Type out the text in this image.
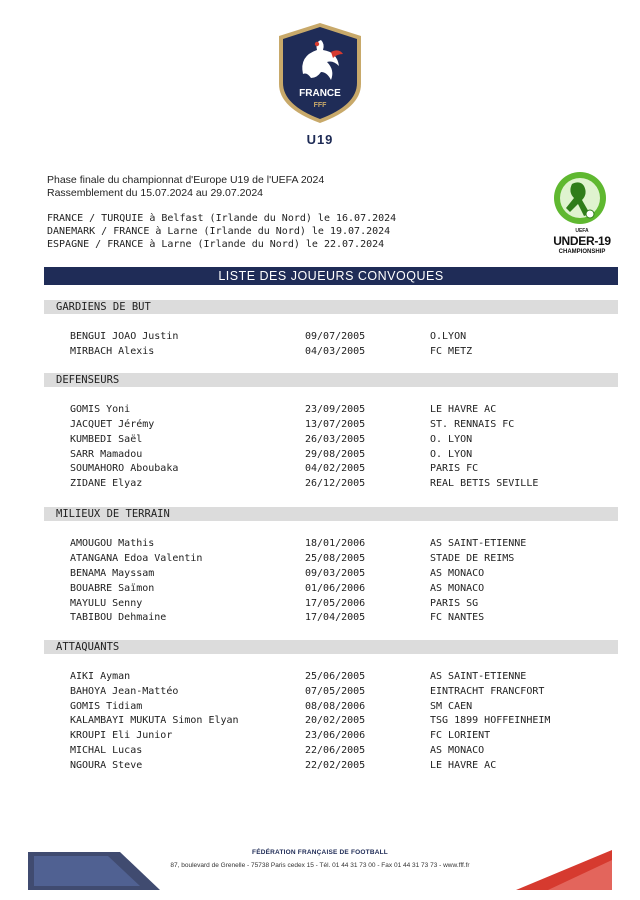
FRANCE
FFF
U19
Phase finale du championnat d'Europe U19 de l'UEFA 2024
Rassemblement du 15.07.2024 au 29.07.2024
FRANCE / TURQUIE à Belfast (Irlande du Nord) le 16.07.2024
DANEMARK / FRANCE à Larne (Irlande du Nord) le 19.07.2024
ESPAGNE / FRANCE à Larne (Irlande du Nord) le 22.07.2024
UEFA
UNDER-19
CHAMPIONSHIP
LISTE DES JOUEURS CONVOQUES
GARDIENS DE BUT
BENGUI JOAO Justin	09/07/2005	O.LYON
MIRBACH Alexis	04/03/2005	FC METZ
DEFENSEURS
GOMIS Yoni	23/09/2005	LE HAVRE AC
JACQUET Jérémy	13/07/2005	ST. RENNAIS FC
KUMBEDI Saël	26/03/2005	O. LYON
SARR Mamadou	29/08/2005	O. LYON
SOUMAHORO Aboubaka	04/02/2005	PARIS FC
ZIDANE Elyaz	26/12/2005	REAL BETIS SEVILLE
MILIEUX DE TERRAIN
AMOUGOU Mathis	18/01/2006	AS SAINT-ETIENNE
ATANGANA Edoa Valentin	25/08/2005	STADE DE REIMS
BENAMA Mayssam	09/03/2005	AS MONACO
BOUABRE Saïmon	01/06/2006	AS MONACO
MAYULU Senny	17/05/2006	PARIS SG
TABIBOU Dehmaine	17/04/2005	FC NANTES
ATTAQUANTS
AIKI Ayman	25/06/2005	AS SAINT-ETIENNE
BAHOYA Jean-Mattéo	07/05/2005	EINTRACHT FRANCFORT
GOMIS Tidiam	08/08/2006	SM CAEN
KALAMBAYI MUKUTA Simon Elyan	20/02/2005	TSG 1899 HOFFEINHEIM
KROUPI Eli Junior	23/06/2006	FC LORIENT
MICHAL Lucas	22/06/2005	AS MONACO
NGOURA Steve	22/02/2005	LE HAVRE AC
FÉDÉRATION FRANÇAISE DE FOOTBALL
87, boulevard de Grenelle - 75738 Paris cedex 15 - Tél. 01 44 31 73 00 - Fax 01 44 31 73 73 - www.fff.fr
